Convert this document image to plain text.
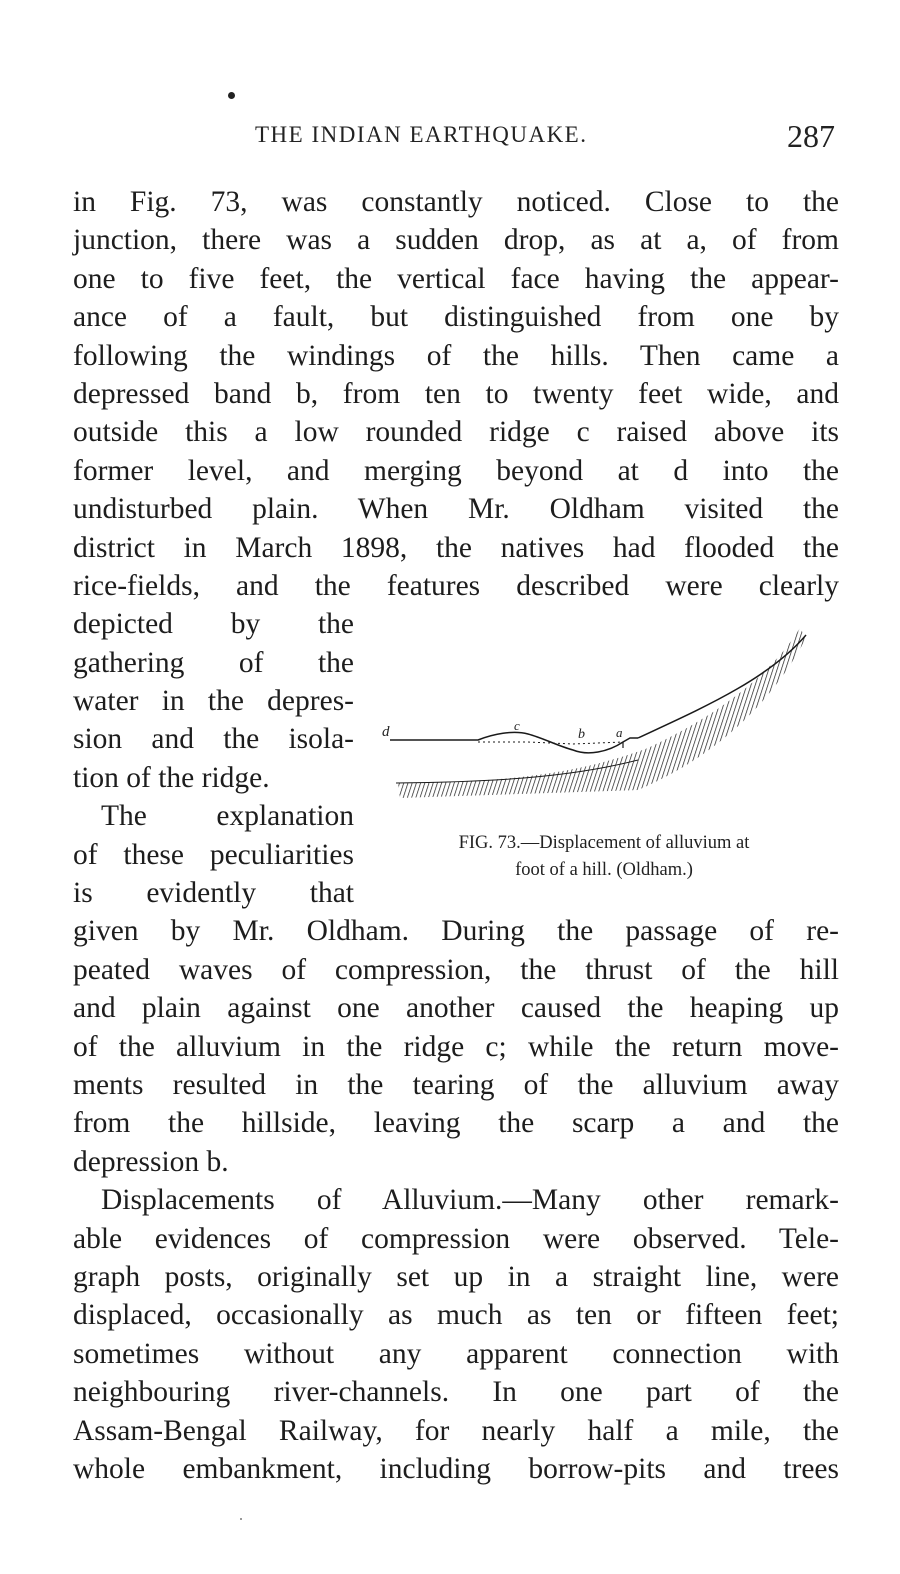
THE INDIAN EARTHQUAKE.	287
in Fig. 73, was constantly noticed. Close to the
junction, there was a sudden drop, as at a, of from
one to five feet, the vertical face having the appear-
ance of a fault, but distinguished from one by
following the windings of the hills. Then came a
depressed band b, from ten to twenty feet wide, and
outside this a low rounded ridge c raised above its
former level, and merging beyond at d into the
undisturbed plain. When Mr. Oldham visited the
district in March 1898, the natives had flooded the
rice-fields, and the features described were clearly
depicted by the
gathering of the
water in the depres-
sion and the isola-
tion of the ridge.
The explanation
of these peculiarities
is evidently that
given by Mr. Oldham. During the passage of re-
peated waves of compression, the thrust of the hill
and plain against one another caused the heaping up
of the alluvium in the ridge c; while the return move-
ments resulted in the tearing of the alluvium away
from the hillside, leaving the scarp a and the
depression b.
Displacements of Alluvium.—Many other remark-
able evidences of compression were observed. Tele-
graph posts, originally set up in a straight line, were
displaced, occasionally as much as ten or fifteen feet;
sometimes without any apparent connection with
neighbouring river-channels. In one part of the
Assam-Bengal Railway, for nearly half a mile, the
whole embankment, including borrow-pits and trees
d	c
b a
FIG. 73.—Displacement of alluvium at
foot of a hill. (Oldham.)
